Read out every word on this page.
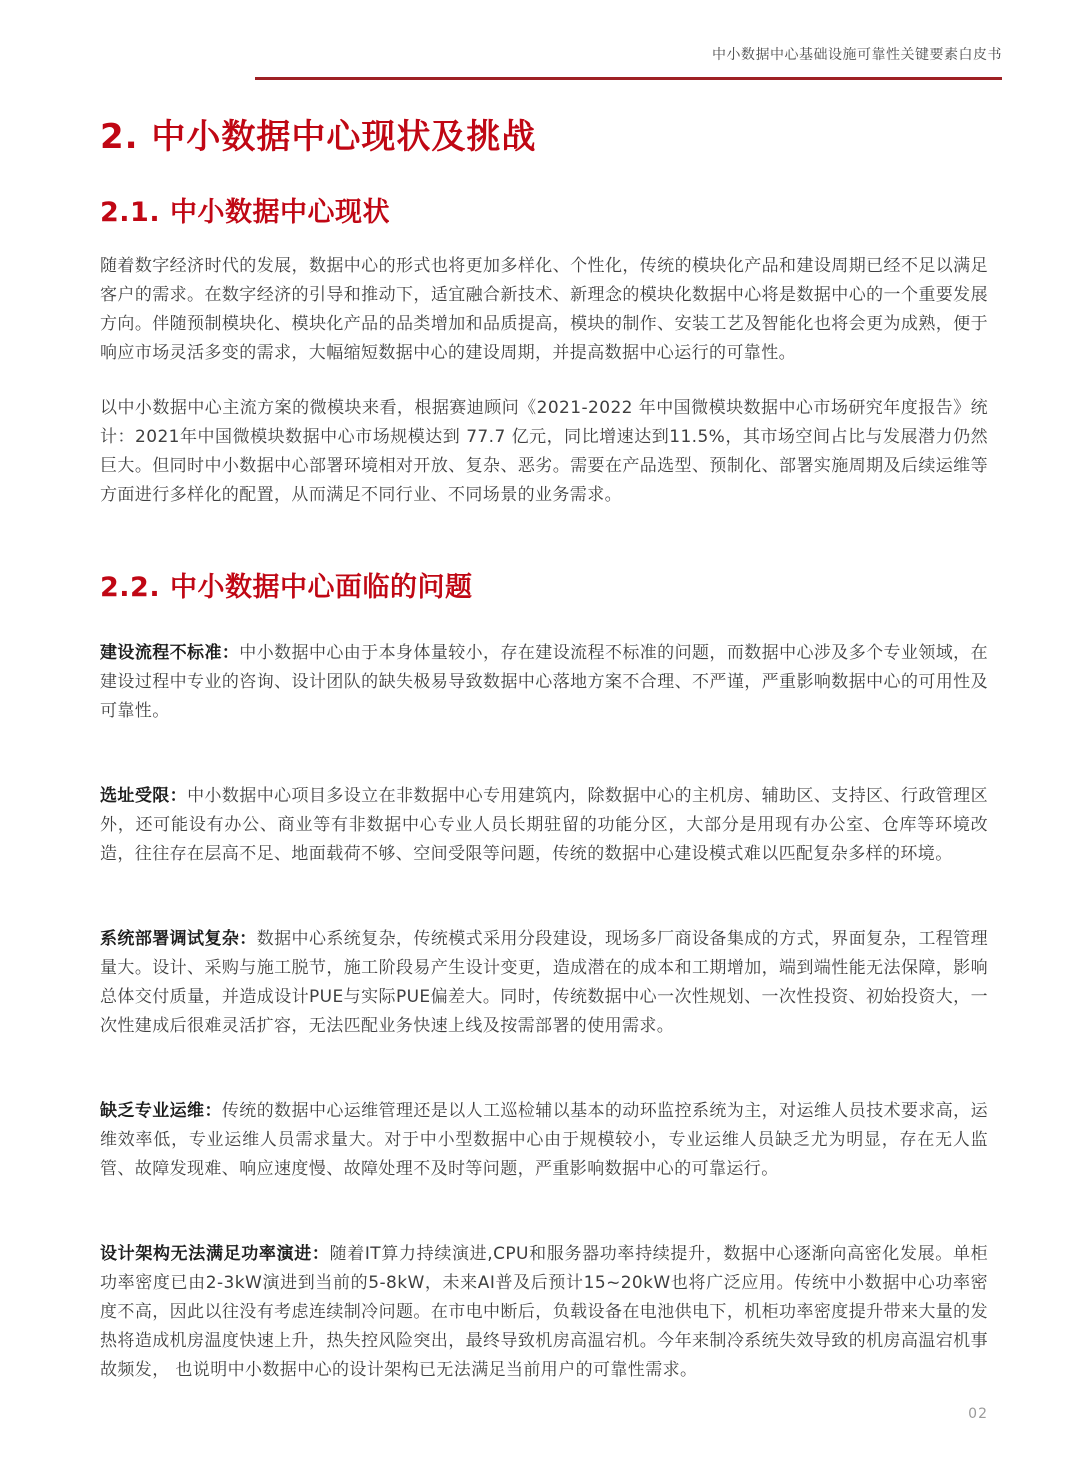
中小数据中心基础设施可靠性关键要素白皮书
2. 中小数据中心现状及挑战
2.1. 中小数据中心现状

随着数字经济时代的发展，数据中心的形式也将更加多样化、个性化，传统的模块化产品和建设周期已经不足以满足客户的需求。在数字经济的引导和推动下，适宜融合新技术、新理念的模块化数据中心将是数据中心的一个重要发展方向。伴随预制模块化、模块化产品的品类增加和品质提高，模块的制作、安装工艺及智能化也将会更为成熟，便于响应市场灵活多变的需求，大幅缩短数据中心的建设周期，并提高数据中心运行的可靠性。

以中小数据中心主流方案的微模块来看，根据赛迪顾问《2021-2022 年中国微模块数据中心市场研究年度报告》统计：2021年中国微模块数据中心市场规模达到 77.7 亿元，同比增速达到11.5%，其市场空间占比与发展潜力仍然巨大。但同时中小数据中心部署环境相对开放、复杂、恶劣。需要在产品选型、预制化、部署实施周期及后续运维等方面进行多样化的配置，从而满足不同行业、不同场景的业务需求。

2.2. 中小数据中心面临的问题

建设流程不标准：中小数据中心由于本身体量较小，存在建设流程不标准的问题，而数据中心涉及多个专业领域，在建设过程中专业的咨询、设计团队的缺失极易导致数据中心落地方案不合理、不严谨，严重影响数据中心的可用性及可靠性。

选址受限：中小数据中心项目多设立在非数据中心专用建筑内，除数据中心的主机房、辅助区、支持区、行政管理区外，还可能设有办公、商业等有非数据中心专业人员长期驻留的功能分区，大部分是用现有办公室、仓库等环境改造，往往存在层高不足、地面载荷不够、空间受限等问题，传统的数据中心建设模式难以匹配复杂多样的环境。

系统部署调试复杂：数据中心系统复杂，传统模式采用分段建设，现场多厂商设备集成的方式，界面复杂，工程管理量大。设计、采购与施工脱节，施工阶段易产生设计变更，造成潜在的成本和工期增加，端到端性能无法保障，影响总体交付质量，并造成设计PUE与实际PUE偏差大。同时，传统数据中心一次性规划、一次性投资、初始投资大，一次性建成后很难灵活扩容，无法匹配业务快速上线及按需部署的使用需求。

缺乏专业运维：传统的数据中心运维管理还是以人工巡检辅以基本的动环监控系统为主，对运维人员技术要求高，运维效率低，专业运维人员需求量大。对于中小型数据中心由于规模较小，专业运维人员缺乏尤为明显，存在无人监管、故障发现难、响应速度慢、故障处理不及时等问题，严重影响数据中心的可靠运行。

设计架构无法满足功率演进：随着IT算力持续演进,CPU和服务器功率持续提升，数据中心逐渐向高密化发展。单柜功率密度已由2-3kW演进到当前的5-8kW，未来AI普及后预计15~20kW也将广泛应用。传统中小数据中心功率密度不高，因此以往没有考虑连续制冷问题。在市电中断后，负载设备在电池供电下，机柜功率密度提升带来大量的发热将造成机房温度快速上升，热失控风险突出，最终导致机房高温宕机。今年来制冷系统失效导致的机房高温宕机事故频发， 也说明中小数据中心的设计架构已无法满足当前用户的可靠性需求。

02
